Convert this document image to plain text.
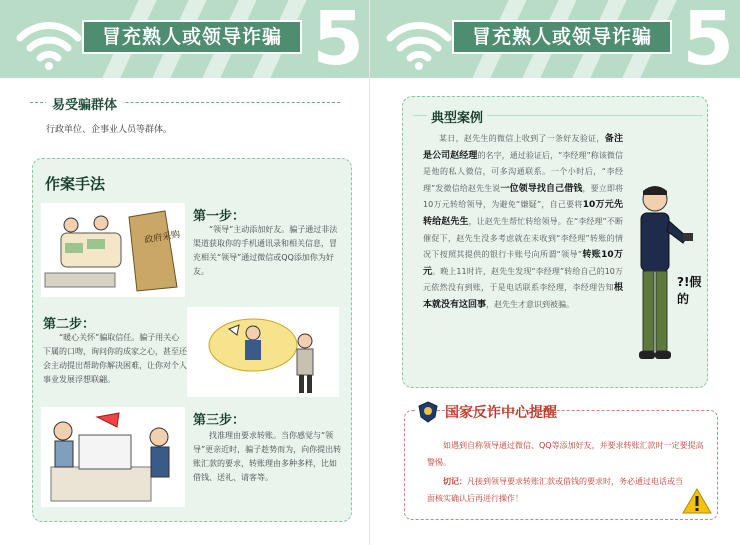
冒充熟人或领导诈骗 5
易受骗群体
行政单位、企事业人员等群体。
作案手法
政府采购
第一步：
“领导”主动添加好友。骗子通过非法渠道获取你的手机通讯录和相关信息，冒充相关“领导”通过微信或QQ添加你为好友。
第二步：
“暖心关怀”骗取信任。骗子用关心下属的口吻，询问你的成家之心，甚至还会主动提出帮助你解决困难，让你对个人事业发展浮想联翩。
第三步：
找准理由要求转账。当你感觉与“领导”更亲近时，骗子趁势而为，向你提出转账汇款的要求，转账理由多种多样，比如借钱、送礼、请客等。
冒充熟人或领导诈骗 5
典型案例
某日，赵先生的微信上收到了一条好友验证，备注是公司赵经理的名字，通过验证后，“李经理”称该微信是他的私人微信，可多沟通联系。一个小时后，“李经理”发微信给赵先生说一位领导找自己借钱，要立即将10万元转给领导，为避免“嫌疑”，自己要将10万元先转给赵先生，让赵先生帮忙转给领导。在“李经理”不断催促下，赵先生没多考虑就在未收到“李经理”转账的情况下按照其提供的银行卡账号向所谓“领导”转账10万元。晚上11时许，赵先生发现“李经理”转给自己的10万元依然没有到账，于是电话联系李经理，李经理告知根本就没有这回事，赵先生才意识到被骗。
?!假的
国家反诈中心提醒
如遇到自称领导通过微信、QQ等添加好友，并要求转账汇款时一定要提高警惕。
切记：凡接到领导要求转账汇款或借钱的要求时，务必通过电话或当面核实确认后再进行操作！
